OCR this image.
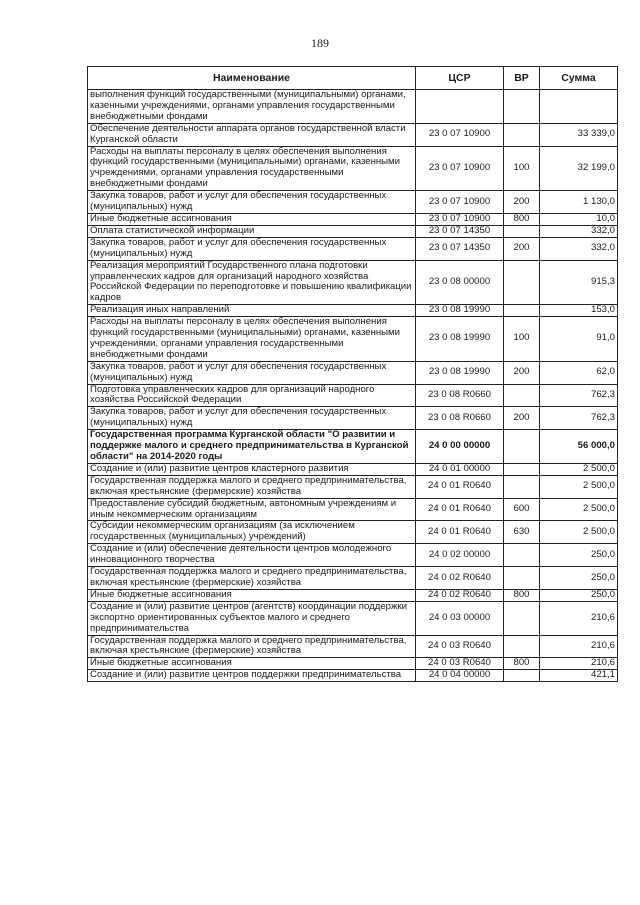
189
Наименование	ЦСР	ВР	Сумма
выполнения функций государственными (муниципальными) органами, казенными учреждениями, органами управления государственными внебюджетными фондами			
Обеспечение деятельности аппарата органов государственной власти Курганской области	23 0 07 10900		33 339,0
Расходы на выплаты персоналу в целях обеспечения выполнения функций государственными (муниципальными) органами, казенными учреждениями, органами управления государственными внебюджетными фондами	23 0 07 10900	100	32 199,0
Закупка товаров, работ и услуг для обеспечения государственных (муниципальных) нужд	23 0 07 10900	200	1 130,0
Иные бюджетные ассигнования	23 0 07 10900	800	10,0
Оплата статистической информации	23 0 07 14350		332,0
Закупка товаров, работ и услуг для обеспечения государственных (муниципальных) нужд	23 0 07 14350	200	332,0
Реализация мероприятий Государственного плана подготовки управленческих кадров для организаций народного хозяйства Российской Федерации по переподготовке и повышению квалификации кадров	23 0 08 00000		915,3
Реализация иных направлений	23 0 08 19990		153,0
Расходы на выплаты персоналу в целях обеспечения выполнения функций государственными (муниципальными) органами, казенными учреждениями, органами управления государственными внебюджетными фондами	23 0 08 19990	100	91,0
Закупка товаров, работ и услуг для обеспечения государственных (муниципальных) нужд	23 0 08 19990	200	62,0
Подготовка управленческих кадров для организаций народного хозяйства Российской Федерации	23 0 08 R0660		762,3
Закупка товаров, работ и услуг для обеспечения государственных (муниципальных) нужд	23 0 08 R0660	200	762,3
Государственная программа Курганской области "О развитии и поддержке малого и среднего предпринимательства в Курганской области" на 2014-2020 годы	24 0 00 00000		56 000,0
Создание и (или) развитие центров кластерного развития	24 0 01 00000		2 500,0
Государственная поддержка малого и среднего предпринимательства, включая крестьянские (фермерские) хозяйства	24 0 01 R0640		2 500,0
Предоставление субсидий бюджетным, автономным учреждениям и иным некоммерческим организациям	24 0 01 R0640	600	2 500,0
Субсидии некоммерческим организациям (за исключением государственных (муниципальных) учреждений)	24 0 01 R0640	630	2 500,0
Создание и (или) обеспечение деятельности центров молодежного инновационного творчества	24 0 02 00000		250,0
Государственная поддержка малого и среднего предпринимательства, включая крестьянские (фермерские) хозяйства	24 0 02 R0640		250,0
Иные бюджетные ассигнования	24 0 02 R0640	800	250,0
Создание и (или) развитие центров (агентств) координации поддержки экспортно ориентированных субъектов малого и среднего предпринимательства	24 0 03 00000		210,6
Государственная поддержка малого и среднего предпринимательства, включая крестьянские (фермерские) хозяйства	24 0 03 R0640		210,6
Иные бюджетные ассигнования	24 0 03 R0640	800	210,6
Создание и (или) развитие центров поддержки предпринимательства	24 0 04 00000		421,1
